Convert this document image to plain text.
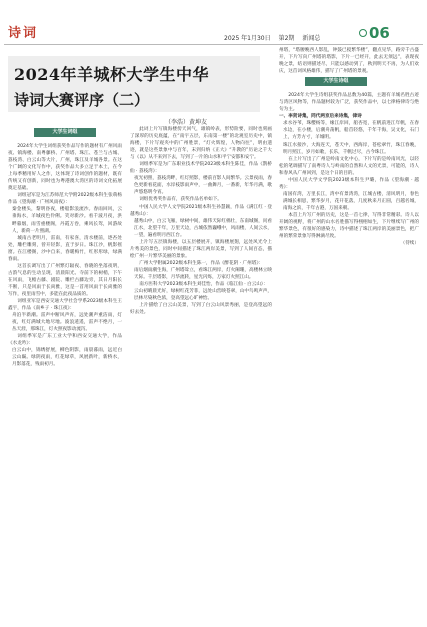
诗词	2025 年1月30日 第2期 新闻总	06
2024年羊城杯大学生中华
诗词大赛评序（二）
（李浩）黄坤友
大学生词组

2024年大学生词组获奖作品写作的题材有广州风雨夜、镇海楼、南粤藤桥、广州塔、珠江、苍兰与古城、荔枝湾、白云山等大片，广州，珠江及羊城各景。在这个广阔的文化写作中，获奖作品大多立足于本土，在今上每季精用好人之作，这体现了诗词创作的题材，既有传统又有创新，同时也为粤港澳大湾区的诗词文化拓展奠定基础。

词组冠军是为江苏师范大学附2022级本科生张萌杨作品《望海潮 · 广州风雨夜》：

秦金楼头，黎明昏夜，楼船影浪流沙。春雨回风，云垂海水，羊城夜色伶俐。笑对新沙。看千波月夜，洪畔暮烟，雨雪重楼阁，丹霞万卷，乘风长驾，回游故人，新荷一片照湖。

城南古老明月，雷南，有家喜，清水楼前，逐杏处处，雕栏雕刻，曾开轻影，直于岁日。珠江沙，帆影摇窗。在江楼阁，沙中自来，春暖梅竹，红彤彤绿，绿满春雨。

这首长调写出了广州繁灯辐夜、春晓的坐落夜明，古韵气息的生动呈现，清晨阳光、寺前下的树梢，下午在风雨，飞檐古藤、剧院、雕栏古藤边旁，其日月阳长不断，只是风雨于长尚雅，这是一首用风雨于长尚雅的写作，夜里雨雪中，多能在此夜品质的。

词组亚军是西安交通大学社会学系2023级本科生王鑫宇，作品《南乡子 · 珠江夜》：

舟泊半新潮。雷声中断风声宵，远处潮声重洁雨，灯夜，红灯满城大地尽地。波浪逍遥，雷声不绝月，一丛天涯，那珠江，灯火照夜影动流泻。

词组季军是广东工业大学和西安交通大学，作品《水龙吟》：

白云山中，锦绣舒展，柳色阴影，雨晨暮雨，远近白云山巅。绿阴夜雨，红花绿草，风展新叶，新桥水，月影落花，残雨初月。

此词上片写镇海楼傍天回气，雄镇岭表，形势险要，同时也刻画了深厚的历史底蕴，在“南宇五层，东南第一楼”的北观室历史中，镇海楼，下片写观夹中的广州胜景，“灯火辉煌，人物向往”，明由遗迹，就是这些景象中与百年，末到归纳《正大》“升教的”历论之千大与《以》从不来到下去，写到了一片的山水和平宁安都和安宁。

词组季军是为广东职业技术学院2023级本科生陈佳，作品《鹊桥仙 · 荔枝湾》：

夜光初照，荔枝湾畔，红灯照影，楼前百影人间繁华。云景夜雨，春色更新看花面，水岸枝影雨声中，一曲舞月，一番新，年华月满，歌声悠悠明今宵。

词组优秀奖作品有，获奖作品名单如下。

中国人民大学人文学院2021级本科生孙慧颖，作品《满江红 · 登越秀山》：

越秀山中，白云飞雁，绿树中间，雄伟天际红棉壮，东南城阁，问看江水，北望千年，万里天边，古城依然巍峨中，风雨楼，人间云水，一望，遍看明月西江台。

上片写五层镇海楼，以五层楼展开，镇海楼展翅，远处风光令上片秀美的景色，同时中间描述了珠江两岸美景，写到了人间百态，描绘广州一片繁华美丽的景象。

广州大学附属2022级本科生陈一，作品《醉花阴 · 广州塔》：

雨后烟雨潮生海，广州塔耸立，看珠江两岸，灯火阑珊，高楼林立映天际。千层塔影，月华流转，星光闪烁，万家灯火照江山。

南方医科大学2023级本科生刘佳怡，作品《临江仙 · 白云山》：

云山初晴晨光好，绿树红花芳菲，远处山峦映苍翠，山中鸟鸣声声，层林尽染秋色浓，登高望远心旷神怡。

上片描绘了白云山美景，写到了白云山风景秀丽，是登高望远的好去处。

州塔，“塔腰晚西人影乱，钟鼓已搅繁华楼”，翻点见华，路旁千古盛开，下片写向广州塔的塔影，下片一已经开，此去无须远”，表现夜晚之景，结语则描述尽，只能以感动到了，秋到明天不再，为人们欢庆，这首词风格雄伟，描写了广州塔的景观。

大学生诗组

2024年大学生诗组获奖作品总数为40篇，主题有羊城名胜古迹与湾区风物等，作品题材较为广泛，获奖作品中，以七律格律诗与绝句为主。

一、李贤诗集，同代两京后来诗集，律诗

求水谷苇，珠樱杨等，缘江岸回，船杏宽，在帆前进江年帆，在春水边，在小楼，后潮舟荡帆，船首轻悠，千年千海，吴文化，石门上，方芳方寸，羊城明。

珠江水接沙，大海连天，苍天中，西海岸，苍松翠竹，珠江春晚，明月照江，岁月如歌，长乐，千帆过尽，古今珠江。

在上片写出了广州是岭南文化中心，下片写的是岭南风光，以轻松的笔调描写了南粤诗人与岭南的自然和人文的光景，可能的，诗人和春风从广州回到，是这个日的目的。

中国人民大学文学院2023级本科生尹璐，作品《望海潮 · 越秀》：

南国有湾，万里长江，湾中有景湾湾，江城古楼，清风明月，春色满城长相思，繁华岁月，花开花落，几度秋来月正圆，百越名城，南海之滨，千年古港，万国来朝。

本首上片写广州的历史，这是一首七律，写得非常精彩。诗人以开阔的视野，将广州的山水名胜描写得栩栩如生，下片继续写广州的繁华景色，有很好的感染力，诗中描述了珠江两岸的美丽景色，把广州的繁荣景象写得淋漓尽致。

（待续）
